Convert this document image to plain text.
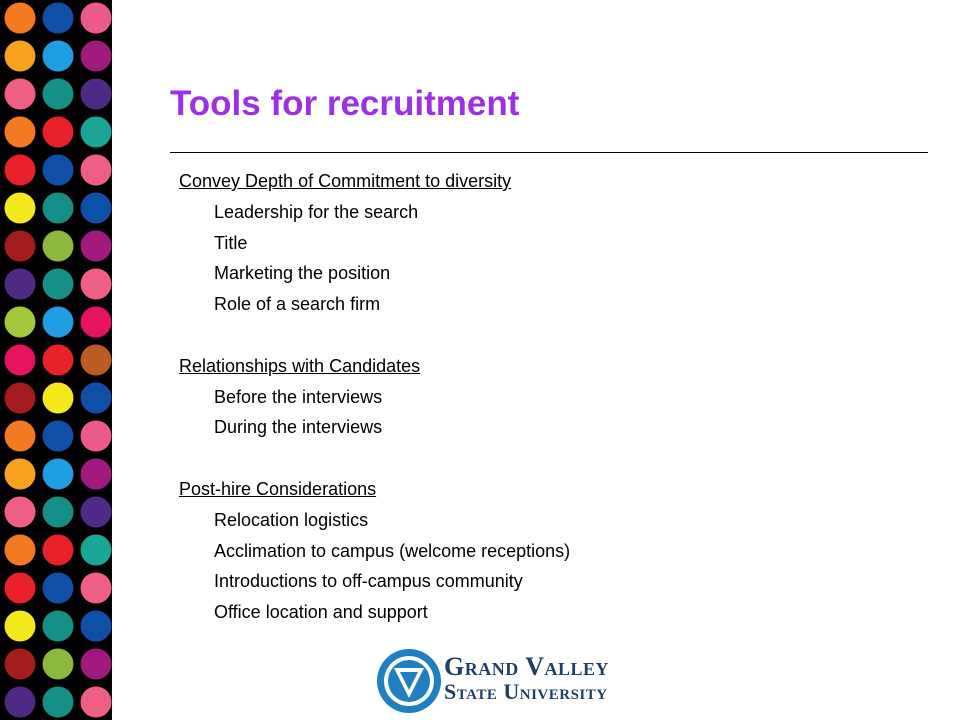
Tools for recruitment
Convey Depth of Commitment to diversity
Leadership for the search
Title
Marketing the position
Role of a search firm
Relationships with Candidates
Before the interviews
During the interviews
Post-hire Considerations
Relocation logistics
Acclimation to campus (welcome receptions)
Introductions to off-campus community
Office location and support
Grand Valley
State University
